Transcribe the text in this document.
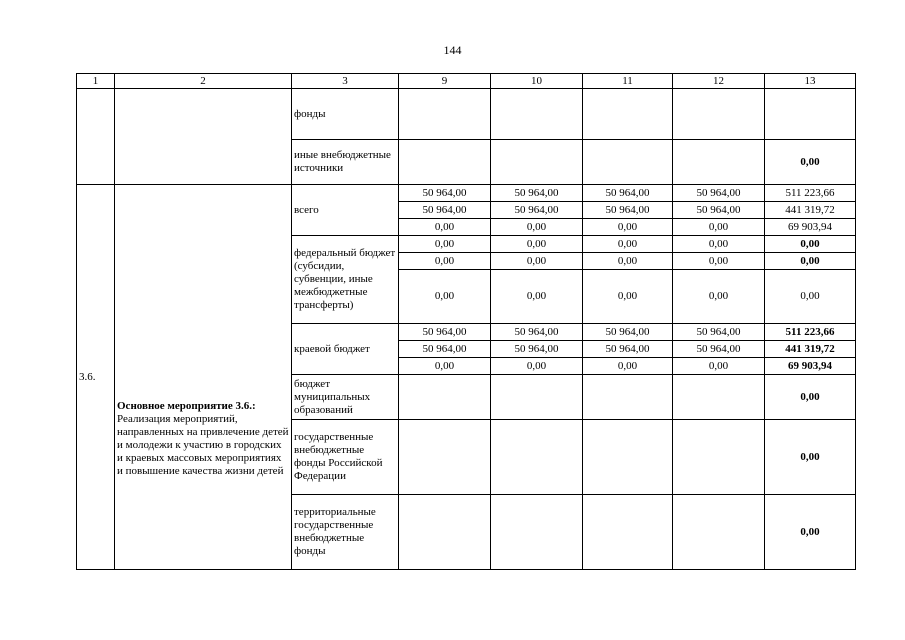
144
1	2	3	9	10	11	12	13
		фонды					
		иные внебюджетные источники					0,00
3.6.	Основное мероприятие 3.6.: Реализация мероприятий, направленных на привлечение детей и молодежи к участию в городских и краевых массовых мероприятиях и повышение качества жизни детей	всего	50 964,00	50 964,00	50 964,00	50 964,00	511 223,66
			50 964,00	50 964,00	50 964,00	50 964,00	441 319,72
			0,00	0,00	0,00	0,00	69 903,94
		федеральный бюджет (субсидии, субвенции, иные межбюджетные трансферты)	0,00	0,00	0,00	0,00	0,00
			0,00	0,00	0,00	0,00	0,00
			0,00	0,00	0,00	0,00	0,00
		краевой бюджет	50 964,00	50 964,00	50 964,00	50 964,00	511 223,66
			50 964,00	50 964,00	50 964,00	50 964,00	441 319,72
			0,00	0,00	0,00	0,00	69 903,94
		бюджет муниципальных образований					0,00
		государственные внебюджетные фонды Российской Федерации					0,00
		территориальные государственные внебюджетные фонды					0,00
